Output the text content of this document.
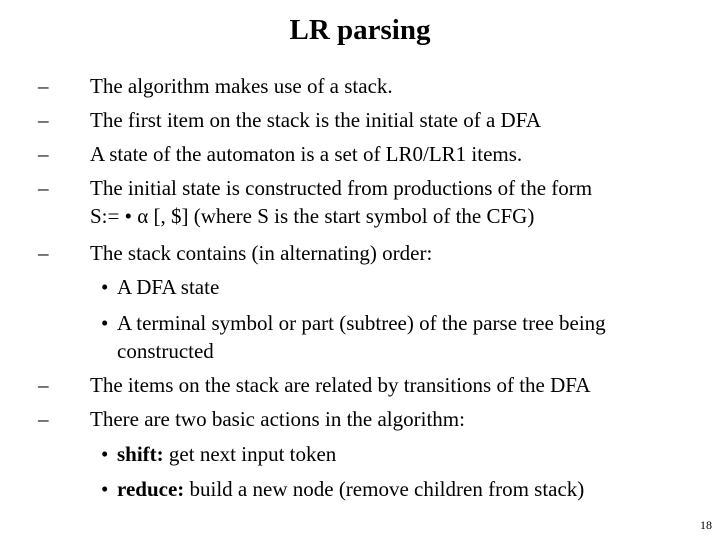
LR parsing
– The algorithm makes use of a stack.
– The first item on the stack is the initial state of a DFA
– A state of the automaton is a set of LR0/LR1 items.
– The initial state is constructed from productions of the form
S:= • α [, $] (where S is the start symbol of the CFG)
– The stack contains (in alternating) order:
• A DFA state
• A terminal symbol or part (subtree) of the parse tree being
constructed
– The items on the stack are related by transitions of the DFA
– There are two basic actions in the algorithm:
• shift: get next input token
• reduce: build a new node (remove children from stack)
18
